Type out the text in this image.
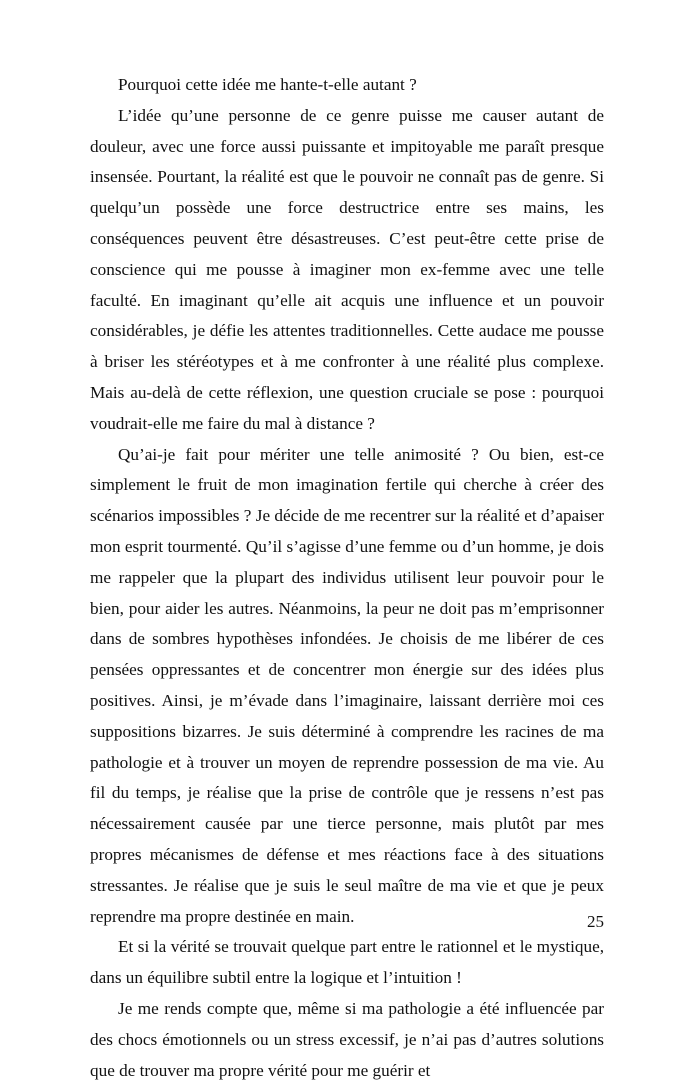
Pourquoi cette idée me hante-t-elle autant ?

L’idée qu’une personne de ce genre puisse me causer autant de douleur, avec une force aussi puissante et impitoyable me paraît presque insensée. Pourtant, la réalité est que le pouvoir ne connaît pas de genre. Si quelqu’un possède une force destructrice entre ses mains, les conséquences peuvent être désastreuses. C’est peut-être cette prise de conscience qui me pousse à imaginer mon ex-femme avec une telle faculté. En imaginant qu’elle ait acquis une influence et un pouvoir considérables, je défie les attentes traditionnelles. Cette audace me pousse à briser les stéréotypes et à me confronter à une réalité plus complexe. Mais au-delà de cette réflexion, une question cruciale se pose : pourquoi voudrait-elle me faire du mal à distance ?

Qu’ai-je fait pour mériter une telle animosité ? Ou bien, est-ce simplement le fruit de mon imagination fertile qui cherche à créer des scénarios impossibles ? Je décide de me recentrer sur la réalité et d’apaiser mon esprit tourmenté. Qu’il s’agisse d’une femme ou d’un homme, je dois me rappeler que la plupart des individus utilisent leur pouvoir pour le bien, pour aider les autres. Néanmoins, la peur ne doit pas m’emprisonner dans de sombres hypothèses infondées. Je choisis de me libérer de ces pensées oppressantes et de concentrer mon énergie sur des idées plus positives. Ainsi, je m’évade dans l’imaginaire, laissant derrière moi ces suppositions bizarres. Je suis déterminé à comprendre les racines de ma pathologie et à trouver un moyen de reprendre possession de ma vie. Au fil du temps, je réalise que la prise de contrôle que je ressens n’est pas nécessairement causée par une tierce personne, mais plutôt par mes propres mécanismes de défense et mes réactions face à des situations stressantes. Je réalise que je suis le seul maître de ma vie et que je peux reprendre ma propre destinée en main.

Et si la vérité se trouvait quelque part entre le rationnel et le mystique, dans un équilibre subtil entre la logique et l’intuition !

Je me rends compte que, même si ma pathologie a été influencée par des chocs émotionnels ou un stress excessif, je n’ai pas d’autres solutions que de trouver ma propre vérité pour me guérir et

25
